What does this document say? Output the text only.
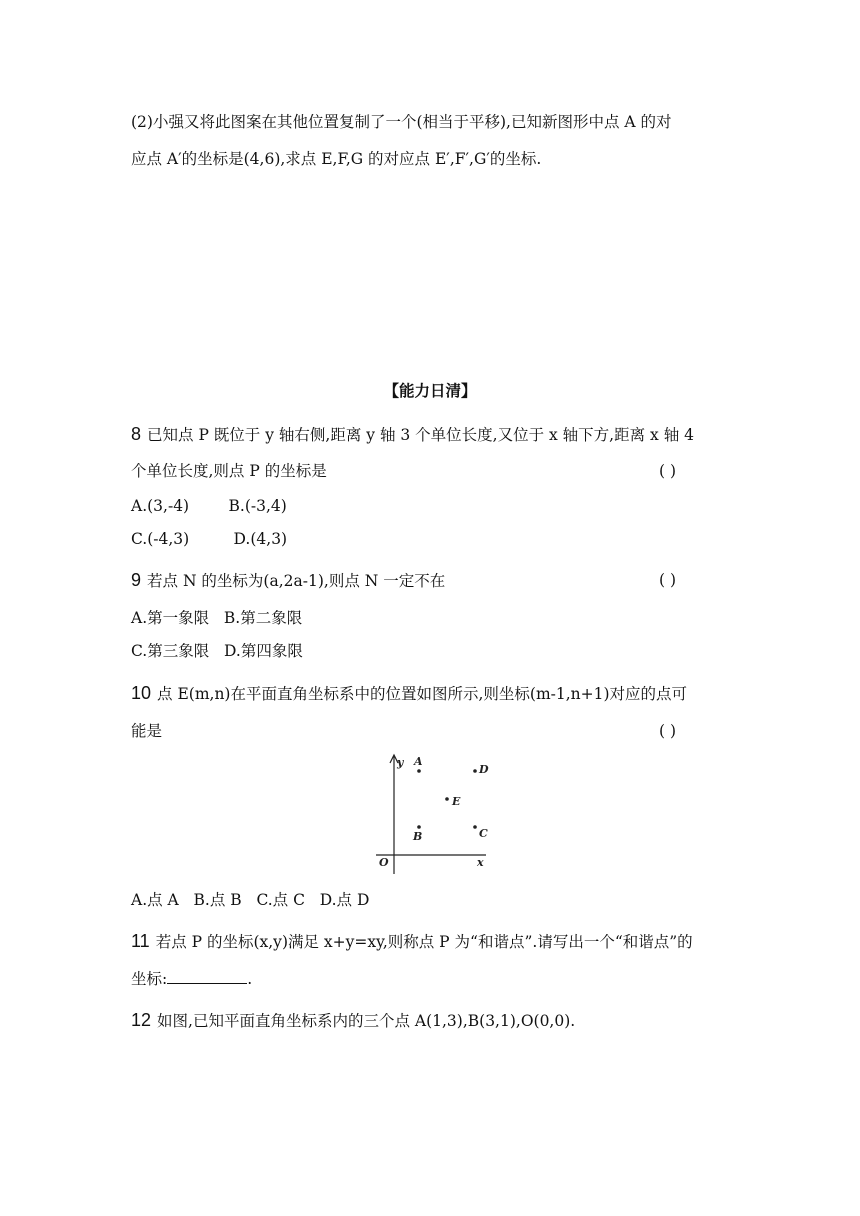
(2)小强又将此图案在其他位置复制了一个(相当于平移),已知新图形中点 A 的对
应点 A′的坐标是(4,6),求点 E,F,G 的对应点 E′,F′,G′的坐标.
【能力日清】
8 已知点 P 既位于 y 轴右侧,距离 y 轴 3 个单位长度,又位于 x 轴下方,距离 x 轴 4
个单位长度,则点 P 的坐标是	( )
A.(3,-4)        B.(-3,4)
C.(-4,3)         D.(4,3)
9 若点 N 的坐标为(a,2a-1),则点 N 一定不在	( )
A.第一象限   B.第二象限
C.第三象限   D.第四象限
10 点 E(m,n)在平面直角坐标系中的位置如图所示,则坐标(m-1,n+1)对应的点可
能是	( )
y
x
O
A
B	C
D
E
A.点 A   B.点 B   C.点 C   D.点 D
11 若点 P 的坐标(x,y)满足 x+y=xy,则称点 P 为“和谐点”.请写出一个“和谐点”的
坐标:	.
12 如图,已知平面直角坐标系内的三个点 A(1,3),B(3,1),O(0,0).
